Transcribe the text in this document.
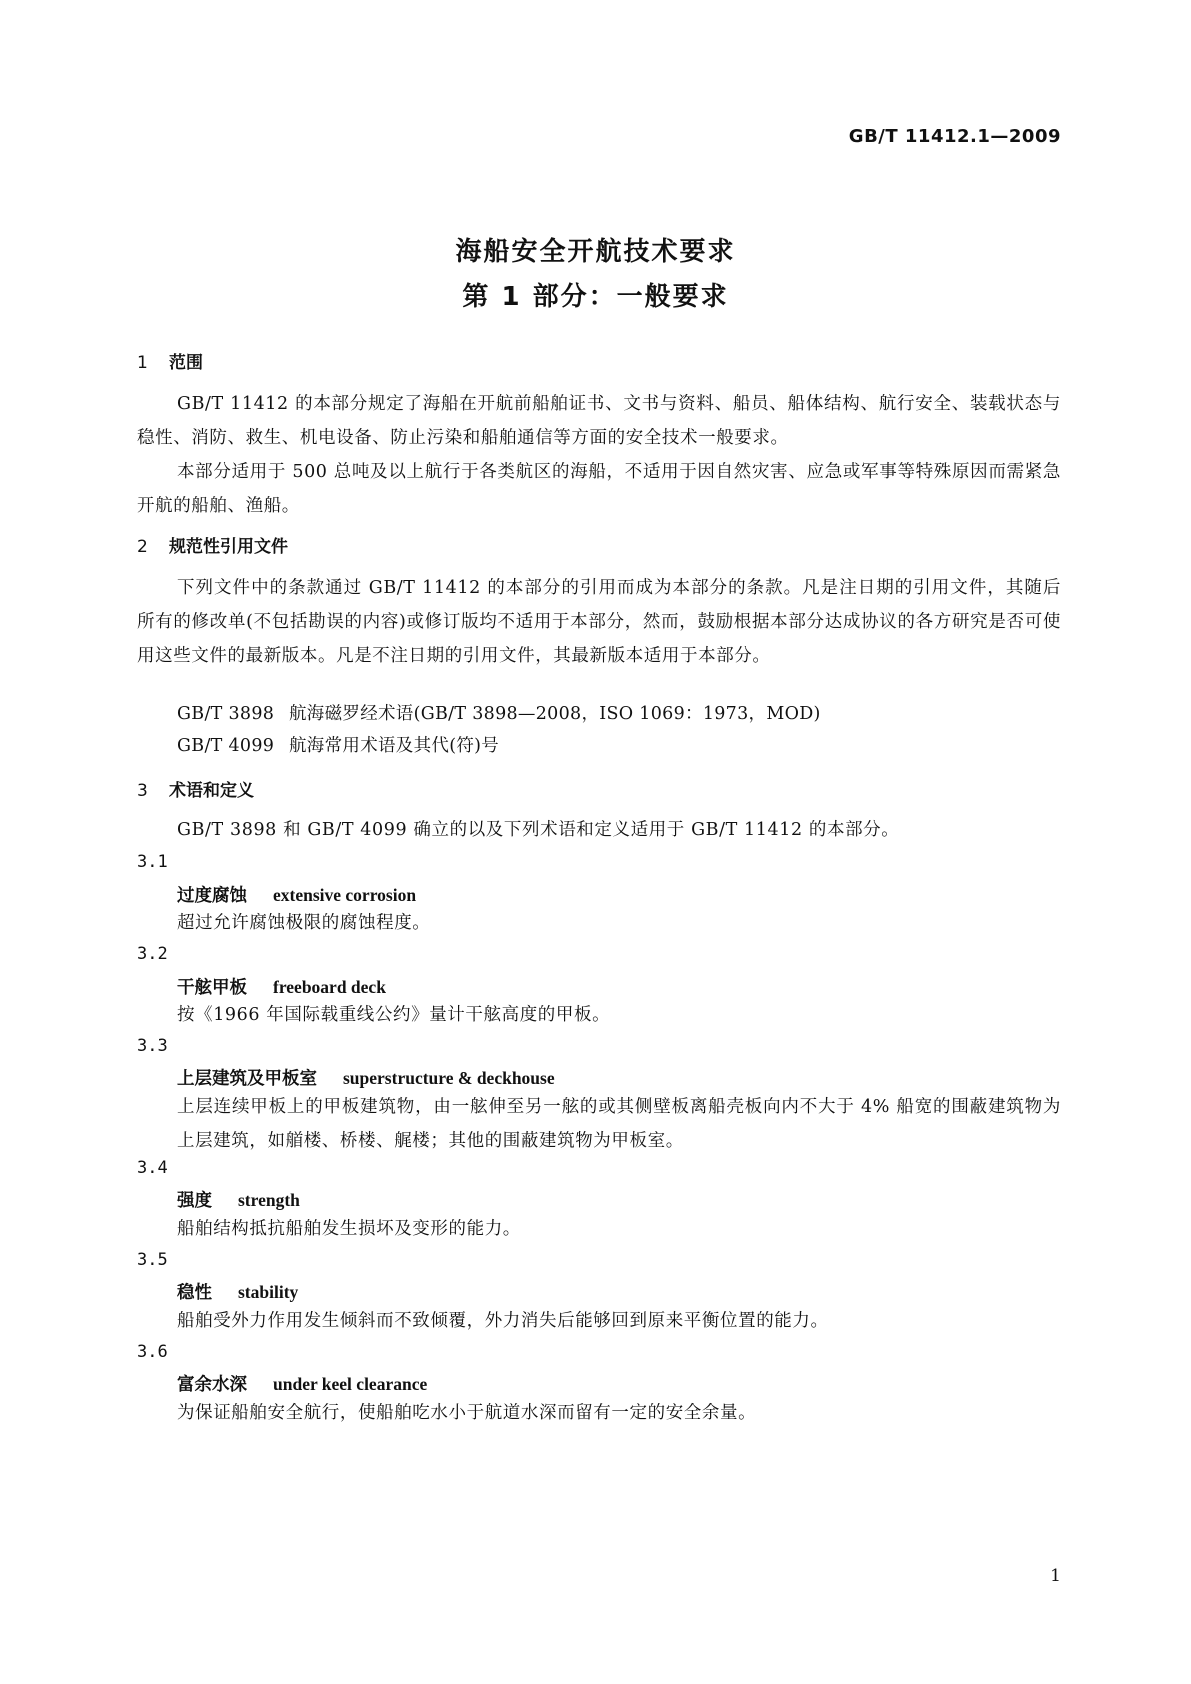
GB/T 11412.1—2009
海船安全开航技术要求
第 1 部分：一般要求
1 范围
GB/T 11412 的本部分规定了海船在开航前船舶证书、文书与资料、船员、船体结构、航行安全、装载状态与稳性、消防、救生、机电设备、防止污染和船舶通信等方面的安全技术一般要求。
本部分适用于 500 总吨及以上航行于各类航区的海船，不适用于因自然灾害、应急或军事等特殊原因而需紧急开航的船舶、渔船。
2 规范性引用文件
下列文件中的条款通过 GB/T 11412 的本部分的引用而成为本部分的条款。凡是注日期的引用文件，其随后所有的修改单(不包括勘误的内容)或修订版均不适用于本部分，然而，鼓励根据本部分达成协议的各方研究是否可使用这些文件的最新版本。凡是不注日期的引用文件，其最新版本适用于本部分。
GB/T 3898 航海磁罗经术语(GB/T 3898—2008，ISO 1069：1973，MOD)
GB/T 4099 航海常用术语及其代(符)号
3 术语和定义
GB/T 3898 和 GB/T 4099 确立的以及下列术语和定义适用于 GB/T 11412 的本部分。
3.1
过度腐蚀 extensive corrosion
超过允许腐蚀极限的腐蚀程度。
3.2
干舷甲板 freeboard deck
按《1966 年国际载重线公约》量计干舷高度的甲板。
3.3
上层建筑及甲板室 superstructure & deckhouse
上层连续甲板上的甲板建筑物，由一舷伸至另一舷的或其侧壁板离船壳板向内不大于 4% 船宽的围蔽建筑物为上层建筑，如艏楼、桥楼、艉楼；其他的围蔽建筑物为甲板室。
3.4
强度 strength
船舶结构抵抗船舶发生损坏及变形的能力。
3.5
稳性 stability
船舶受外力作用发生倾斜而不致倾覆，外力消失后能够回到原来平衡位置的能力。
3.6
富余水深 under keel clearance
为保证船舶安全航行，使船舶吃水小于航道水深而留有一定的安全余量。
1
